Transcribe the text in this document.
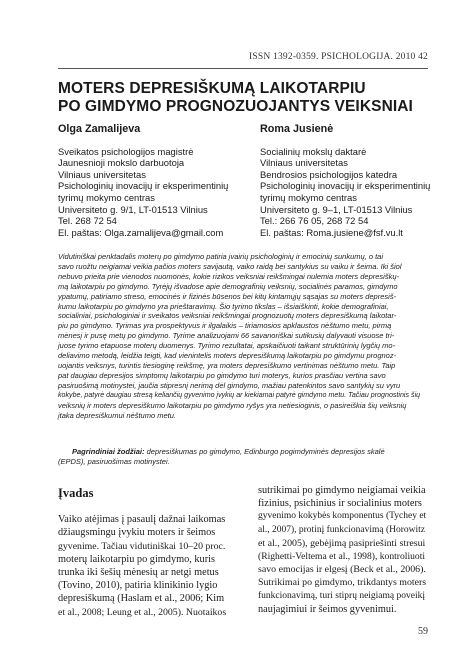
ISSN 1392-0359. PSICHOLOGIJA. 2010 42
MOTERS DEPRESIŠKUMĄ LAIKOTARPIU
PO GIMDYMO PROGNOZUOJANTYS VEIKSNIAI
Olga Zamalijeva
Sveikatos psichologijos magistrė
Jaunesnioji mokslo darbuotoja
Vilniaus universitetas
Psichologinių inovacijų ir eksperimentinių
tyrimų mokymo centras
Universiteto g. 9/1, LT-01513 Vilnius
Tel. 268 72 54
El. paštas: Olga.zamalijeva@gmail.com
Roma Jusienė
Socialinių mokslų daktarė
Vilniaus universitetas
Bendrosios psichologijos katedra
Psichologinių inovacijų ir eksperimentinių
tyrimų mokymo centras
Universiteto g. 9–1, LT-01513 Vilnius
Tel.: 266 76 05, 268 72 54
El. paštas: Roma.jusiene@fsf.vu.lt
Vidutiniškai penktadalis moterų po gimdymo patiria įvairių psichologinių ir emocinių sunkumų, o tai
savo ruožtu neigiamai veikia pačios moters savijautą, vaiko raidą bei santykius su vaiku ir šeima. Iki šiol
nebuvo prieita prie vienodos nuomonės, kokie rizikos veiksniai reikšmingai nulemia moters depresiškų-
mą laikotarpiu po gimdymo. Tyrėjų išvadose apie demografinių veiksnių, socialinės paramos, gimdymo
ypatumų, patiriamo streso, emocinės ir fizinės būsenos bei kitų kintamųjų sąsajas su moters depresiš-
kumu laikotarpiu po gimdymo yra prieštaravimų. Šio tyrimo tikslas – išsiaiškinti, kokie demografiniai,
socialiniai, psichologiniai ir sveikatos veiksniai reikšmingai prognozuotų moters depresiškumą laikotar-
piu po gimdymo. Tyrimas yra prospektyvus ir ilgalaikis – tiriamosios apklaustos nėštumo metu, pirmą
mėnesį ir pusę metų po gimdymo. Tyrime analizuojami 66 savanoriškai sutikusių dalyvauti visuose tri-
juose tyrimo etapuose moterų duomenys. Tyrimo rezultatai, apskaičiuoti taikant struktūrinių lygčių mo-
deliavimo metodą, leidžia teigti, kad vienintelis moters depresiškumą laikotarpiu po gimdymu prognoz-
uojantis veiksnys, turintis tiesioginę reikšmę, yra moters depresiškumo vertinimas nėštumo metu. Taip
pat daugiau depresijos simptomų laikotarpiu po gimdymo turi moterys, kurios prasčiau vertina savo
pasiruošimą motinystei, jaučia stipresnį nerimą dėl gimdymo, mažiau patenkintos savo santykių su vyru
kokybe, patyrė daugiau stresą keliančių gyvenimo įvykių ar kiekiamai patyrė gimdymo metu. Tačiau prognostinis šių
veiksnių ir moters depresiškumo laikotarpiu po gimdymo ryšys yra netiesioginis, o pasireiškia šių veiksnių
įtaka depresiškumui nėštumo metu.
Pagrindiniai žodžiai: depresiškumas po gimdymo, Edinburgo pogimdyminės depresijos skalė
(EPDS), pasiruošimas motinystei.
Įvadas
Vaiko atėjimas į pasaulį dažnai laikomas
džiaugsmingu įvykiu moters ir šeimos
gyvenime. Tačiau vidutiniškai 10–20 proc.
moterų laikotarpiu po gimdymo, kuris
trunka iki šešių mėnesių ar netgi metus
(Tovino, 2010), patiria klinikinio lygio
depresiškumą (Haslam et al., 2006; Kim
et al., 2008; Leung et al., 2005). Nuotaikos
sutrikimai po gimdymo neigiamai veikia
fizinius, psichinius ir socialinius moters
gyvenimo kokybės komponentus (Tychey et
al., 2007), protinį funkcionavimą (Horowitz
et al., 2005), gebėjimą pasipriešinti stresui
(Righetti-Veltema et al., 1998), kontroliuoti
savo emocijas ir elgesį (Beck et al., 2006).
Sutrikimai po gimdymo, trikdantys moters
funkcionavimą, turi stiprų neigiamą poveikį
naujagimiui ir šeimos gyvenimui.
59
